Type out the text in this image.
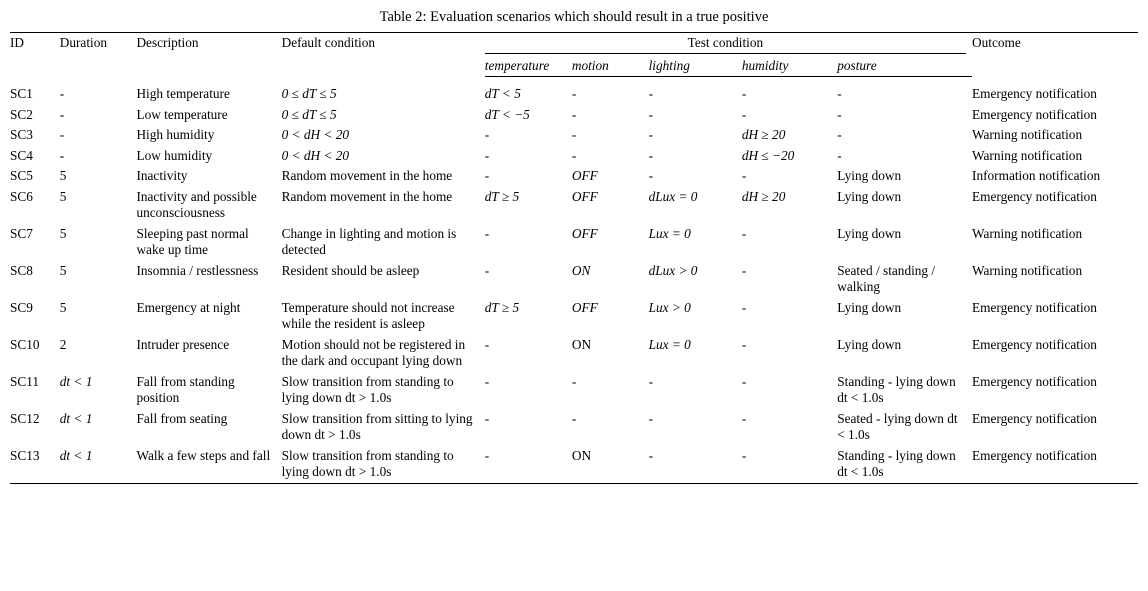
Table 2: Evaluation scenarios which should result in a true positive
ID	Duration	Description	Default condition	Test condition					Outcome
				temperature	motion	lighting	humidity	posture	

SC1	-	High temperature	0 ≤ dT ≤ 5	dT < 5	-	-	-	-	Emergency notification
SC2	-	Low temperature	0 ≤ dT ≤ 5	dT < −5	-	-	-	-	Emergency notification
SC3	-	High humidity	0 < dH < 20	-	-	-	dH ≥ 20	-	Warning notification
SC4	-	Low humidity	0 < dH < 20	-	-	-	dH ≤ −20	-	Warning notification
SC5	5	Inactivity	Random movement in the home	-	OFF	-	-	Lying down	Information notification
SC6	5	Inactivity and possible unconsciousness	Random movement in the home	dT ≥ 5	OFF	dLux = 0	dH ≥ 20	Lying down	Emergency notification
SC7	5	Sleeping past normal wake up time	Change in lighting and motion is detected	-	OFF	Lux = 0	-	Lying down	Warning notification
SC8	5	Insomnia / restlessness	Resident should be asleep	-	ON	dLux > 0	-	Seated / standing / walking	Warning notification
SC9	5	Emergency at night	Temperature should not increase while the resident is asleep	dT ≥ 5	OFF	Lux > 0	-	Lying down	Emergency notification
SC10	2	Intruder presence	Motion should not be registered in the dark and occupant lying down	-	ON	Lux = 0	-	Lying down	Emergency notification
SC11	dt < 1	Fall from standing position	Slow transition from standing to lying down dt > 1.0s	-	-	-	-	Standing - lying down dt < 1.0s	Emergency notification
SC12	dt < 1	Fall from seating	Slow transition from sitting to lying down dt > 1.0s	-	-	-	-	Seated - lying down dt < 1.0s	Emergency notification
SC13	dt < 1	Walk a few steps and fall	Slow transition from standing to lying down dt > 1.0s	-	ON	-	-	Standing - lying down dt < 1.0s	Emergency notification
